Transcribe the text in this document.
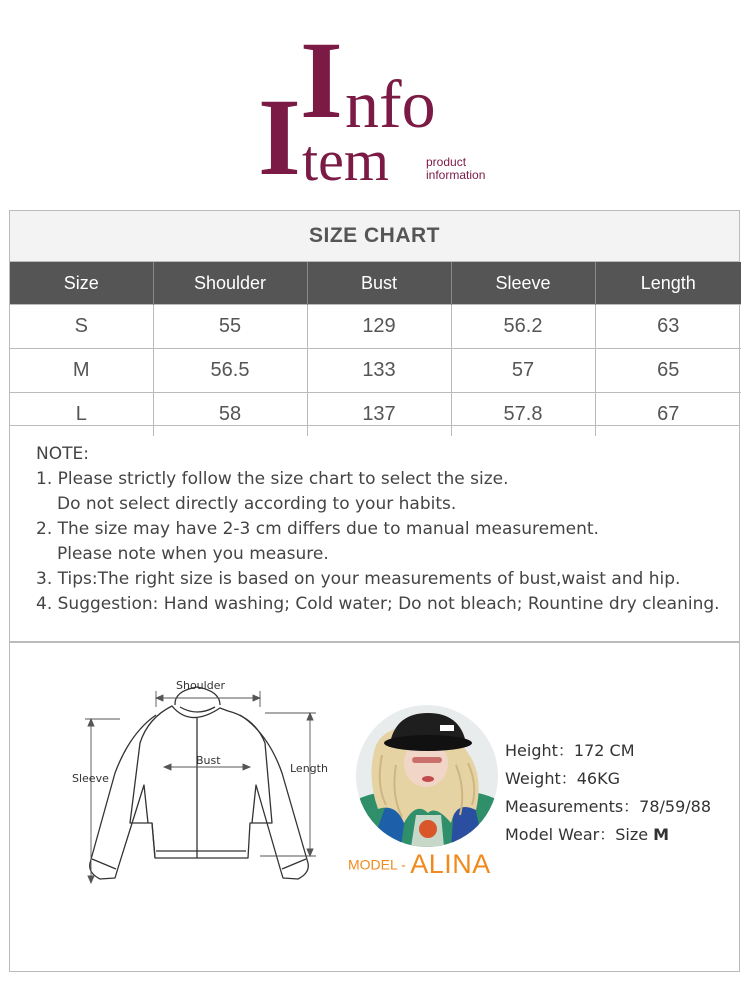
I nfo
I tem	product
information
SIZE CHART
Size	Shoulder	Bust	Sleeve	Length
S	55	129	56.2	63
M	56.5	133	57	65
L	58	137	57.8	67
NOTE:
1. Please strictly follow the size chart to select the size.
Do not select directly according to your habits.
2. The size may have 2-3 cm differs due to manual measurement.
Please note when you measure.
3. Tips:The right size is based on your measurements of bust,waist and hip.
4. Suggestion: Hand washing; Cold water; Do not bleach; Rountine dry cleaning.
Shoulder
Bust
Sleeve
Length
MODEL - ALINA
Height：172 CM
Weight：46KG
Measurements：78/59/88
Model Wear：Size M
